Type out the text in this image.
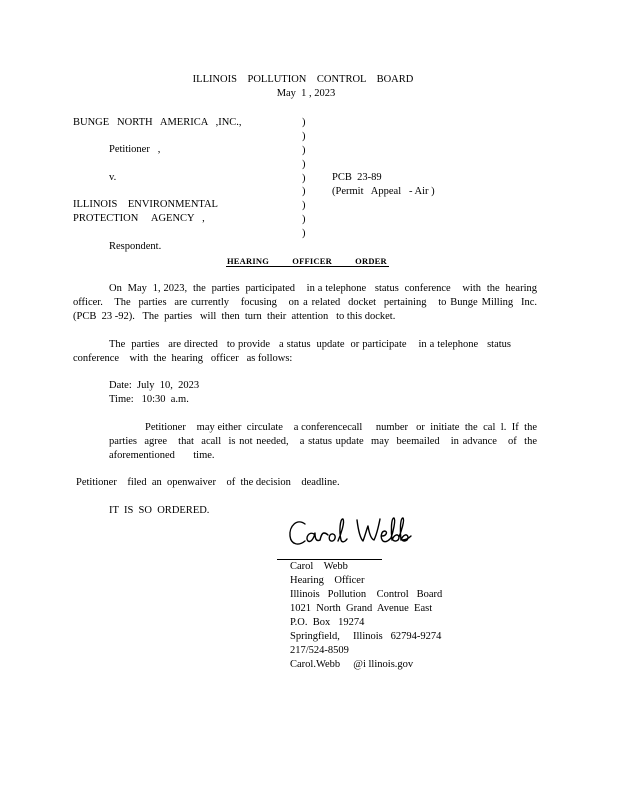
ILLINOIS    POLLUTION    CONTROL    BOARD
May  1 , 2023
BUNGE   NORTH   AMERICA   ,INC.,
Petitioner   ,
v.
ILLINOIS    ENVIRONMENTAL
PROTECTION     AGENCY   ,
Respondent.
)
)
)
)
)
)
)
)
)
PCB  23-89
(Permit   Appeal   - Air )
HEARING          OFFICER          ORDER
On  May  1, 2023,  the  parties  participated    in a telephone   status  conference    with  the  hearing
officer.   The  parties  are currently   focusing   on a related  docket  pertaining   to Bunge Milling  Inc.
(PCB  23 -92).   The  parties   will  then  turn  their  attention   to this docket.
The  parties   are directed   to provide   a status  update  or participate    in a telephone   status
conference    with  the  hearing   officer   as follows:
Date:  July  10,  2023
Time:   10:30  a.m.
Petitioner    may either  circulate    a conferencecall     number   or  initiate  the  cal  l.  If  the
parties  agree   that  acall  is not needed,   a status update  may  beemailed   in advance   of  the
aforementioned       time.
Petitioner    filed  an  openwaiver    of  the decision    deadline.
IT  IS  SO  ORDERED.
Carol Webb
Carol    Webb
Hearing    Officer
Illinois   Pollution    Control   Board
1021  North  Grand  Avenue  East
P.O.  Box   19274
Springfield,     Illinois   62794-9274
217/524-8509
Carol.Webb     @i llinois.gov
